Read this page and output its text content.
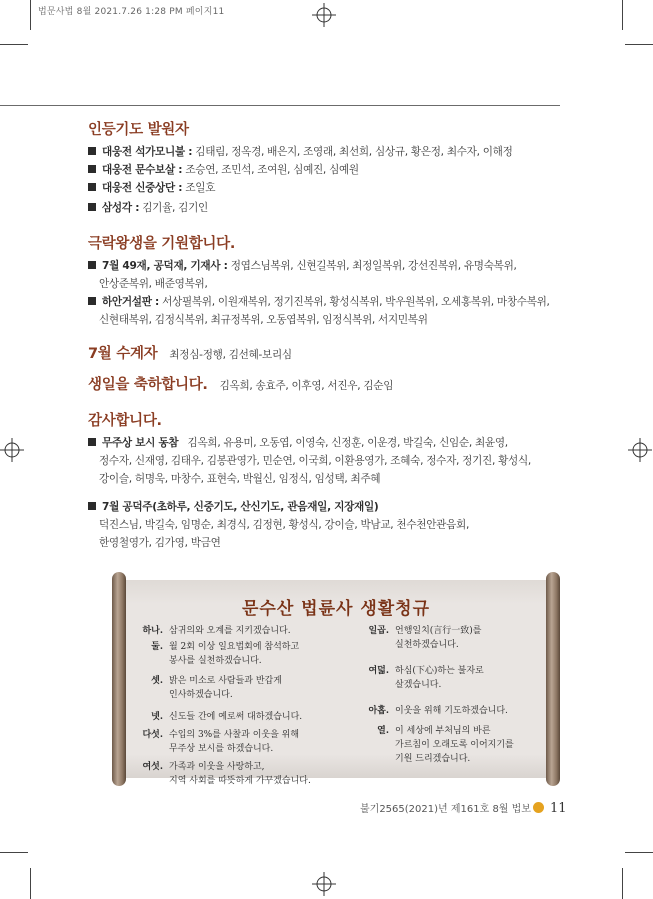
법문사법 8월 2021.7.26 1:28 PM 페이지11
인등기도 발원자
대웅전 석가모니불 : 김태림, 정옥경, 배은지, 조영래, 최선희, 심상규, 황은정, 최수자, 이해정
대웅전 문수보살 : 조승연, 조민석, 조여원, 심예진, 심예원
대웅전 신중상단 : 조일호
삼성각 : 김기율, 김기인
극락왕생을 기원합니다.
7월 49재, 공덕재, 기재사 : 정엽스님복위, 신현길복위, 최정일복위, 강선진복위, 유명숙복위,
안상준복위, 배준영복위,
하안거설판 : 서상필복위, 이원재복위, 정기진복위, 황성식복위, 박우원복위, 오세홍복위, 마창수복위,
신현태복위, 김정식복위, 최규정복위, 오동엽복위, 임정식복위, 서지민복위
7월 수계자 최정심-정행, 김선혜-보리심
생일을 축하합니다. 김옥희, 송효주, 이후영, 서진우, 김순임
감사합니다.
무주상 보시 동참 김옥희, 유용미, 오동엽, 이영숙, 신정훈, 이운경, 박길숙, 신임순, 최윤영,
정수자, 신재영, 김태우, 김봉관영가, 민순연, 이국희, 이환용영가, 조혜숙, 정수자, 정기진, 황성식,
강이슬, 허명욱, 마창수, 표현숙, 박월신, 임정식, 임성택, 최주혜
7월 공덕주(초하루, 신중기도, 산신기도, 관음재일, 지장재일)
덕진스님, 박길숙, 임명순, 최경식, 김정현, 황성식, 강이슬, 박남교, 천수천안관음회,
한영철영가, 김가영, 박금연
문수산 법륜사 생활청규
하나. 삼귀의와 오계를 지키겠습니다.
둘. 월 2회 이상 일요법회에 참석하고
봉사를 실천하겠습니다.
셋. 밝은 미소로 사람들과 반갑게
인사하겠습니다.
넷. 신도들 간에 예로써 대하겠습니다.
다섯. 수입의 3%를 사찰과 이웃을 위해
무주상 보시를 하겠습니다.
여섯. 가족과 이웃을 사랑하고,
지역 사회를 따뜻하게 가꾸겠습니다.
일곱. 언행일치(言行一致)를
실천하겠습니다.
여덟. 하심(下心)하는 불자로
살겠습니다.
아홉. 이웃을 위해 기도하겠습니다.
열. 이 세상에 부처님의 바른
가르침이 오래도록 이어지기를
기원 드리겠습니다.
불기2565(2021)년 제161호 8월 법보 11
